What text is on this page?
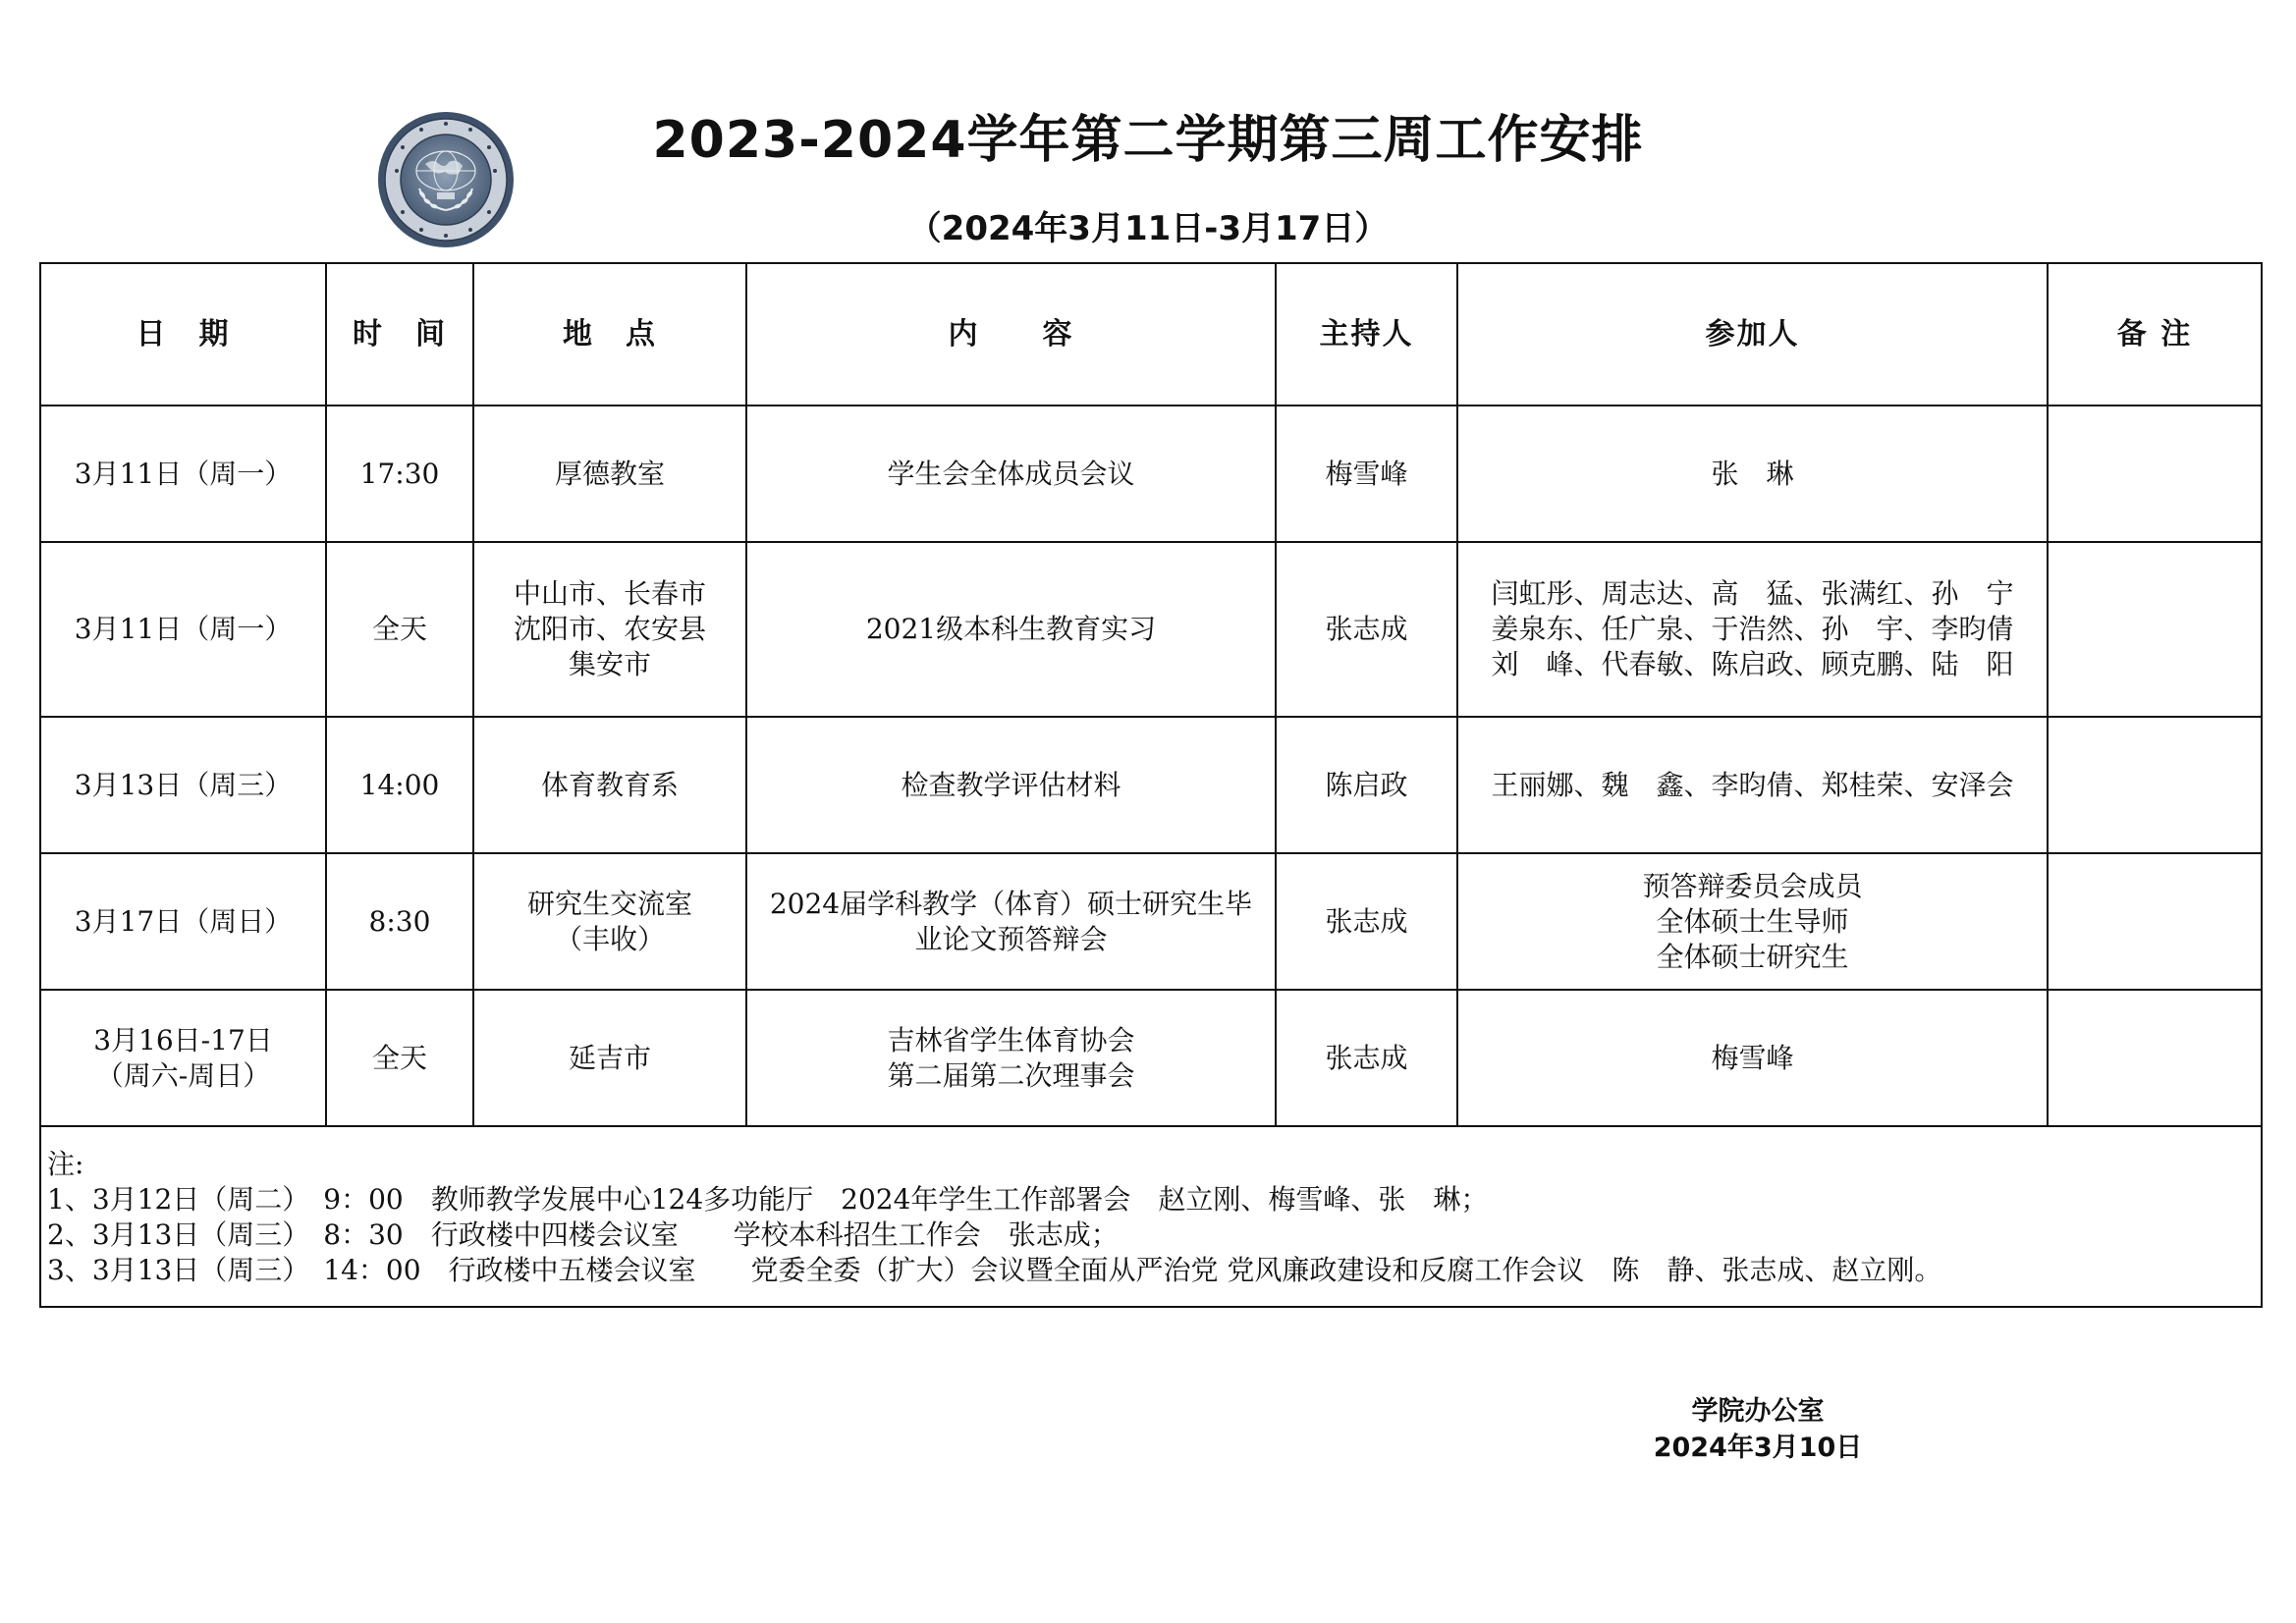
2023-2024学年第二学期第三周工作安排
（2024年3月11日-3月17日）
日　期	时　间	地　点	内　　容	主持人	参加人	备 注

3月11日（周一）	17:30	厚德教室	学生会全体成员会议	梅雪峰	张　琳	

3月11日（周一）	全天	中山市、长春市
沈阳市、农安县
集安市	2021级本科生教育实习	张志成	闫虹彤、周志达、高　猛、张满红、孙　宁
姜泉东、任广泉、于浩然、孙　宇、李昀倩
刘　峰、代春敏、陈启政、顾克鹏、陆　阳	

3月13日（周三）	14:00	体育教育系	检查教学评估材料	陈启政	王丽娜、魏　鑫、李昀倩、郑桂荣、安泽会	

3月17日（周日）	8:30	研究生交流室
（丰收）	2024届学科教学（体育）硕士研究生毕
业论文预答辩会	张志成	预答辩委员会成员
全体硕士生导师
全体硕士研究生	

3月16日-17日
（周六-周日）	全天	延吉市	吉林省学生体育协会
第二届第二次理事会	张志成	梅雪峰	

注:
1、3月12日（周二）　9：00　教师教学发展中心124多功能厅　2024年学生工作部署会　赵立刚、梅雪峰、张　琳；
2、3月13日（周三）　8：30　行政楼中四楼会议室　　学校本科招生工作会　张志成；
3、3月13日（周三）　14：00　行政楼中五楼会议室　　党委全委（扩大）会议暨全面从严治党 党风廉政建设和反腐工作会议　陈　静、张志成、赵立刚。						
学院办公室
2024年3月10日
